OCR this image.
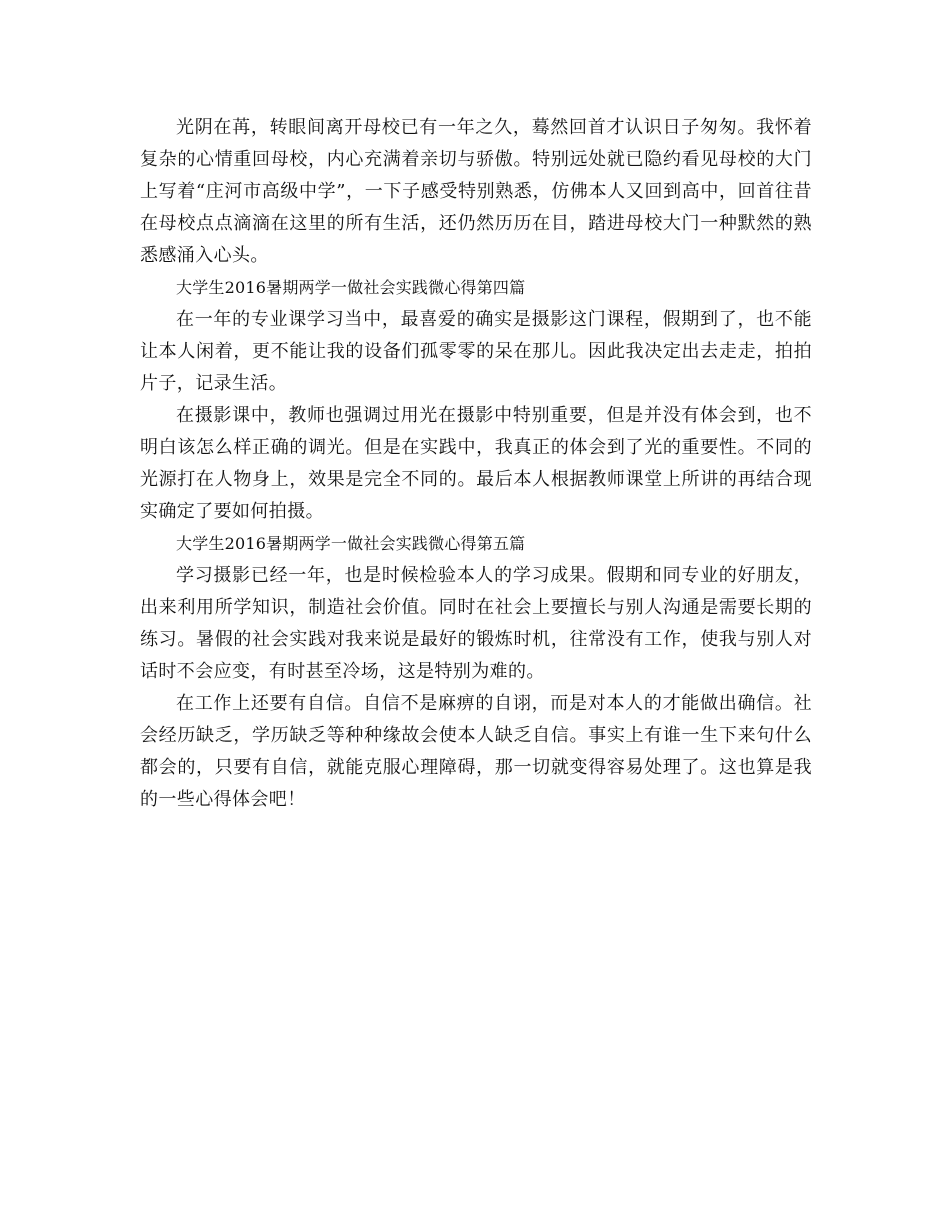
光阴在苒，转眼间离开母校已有一年之久，蓦然回首才认识日子匆匆。我怀着复杂的心情重回母校，内心充满着亲切与骄傲。特别远处就已隐约看见母校的大门上写着“庄河市高级中学”，一下子感受特别熟悉，仿佛本人又回到高中，回首往昔在母校点点滴滴在这里的所有生活，还仍然历历在目，踏进母校大门一种默然的熟悉感涌入心头。

大学生2016暑期两学一做社会实践微心得第四篇

在一年的专业课学习当中，最喜爱的确实是摄影这门课程，假期到了，也不能让本人闲着，更不能让我的设备们孤零零的呆在那儿。因此我决定出去走走，拍拍片子，记录生活。

在摄影课中，教师也强调过用光在摄影中特别重要，但是并没有体会到，也不明白该怎么样正确的调光。但是在实践中，我真正的体会到了光的重要性。不同的光源打在人物身上，效果是完全不同的。最后本人根据教师课堂上所讲的再结合现实确定了要如何拍摄。

大学生2016暑期两学一做社会实践微心得第五篇

学习摄影已经一年，也是时候检验本人的学习成果。假期和同专业的好朋友，出来利用所学知识，制造社会价值。同时在社会上要擅长与别人沟通是需要长期的练习。暑假的社会实践对我来说是最好的锻炼时机，往常没有工作，使我与别人对话时不会应变，有时甚至冷场，这是特别为难的。

在工作上还要有自信。自信不是麻痹的自诩，而是对本人的才能做出确信。社会经历缺乏，学历缺乏等种种缘故会使本人缺乏自信。事实上有谁一生下来句什么都会的，只要有自信，就能克服心理障碍，那一切就变得容易处理了。这也算是我的一些心得体会吧！
